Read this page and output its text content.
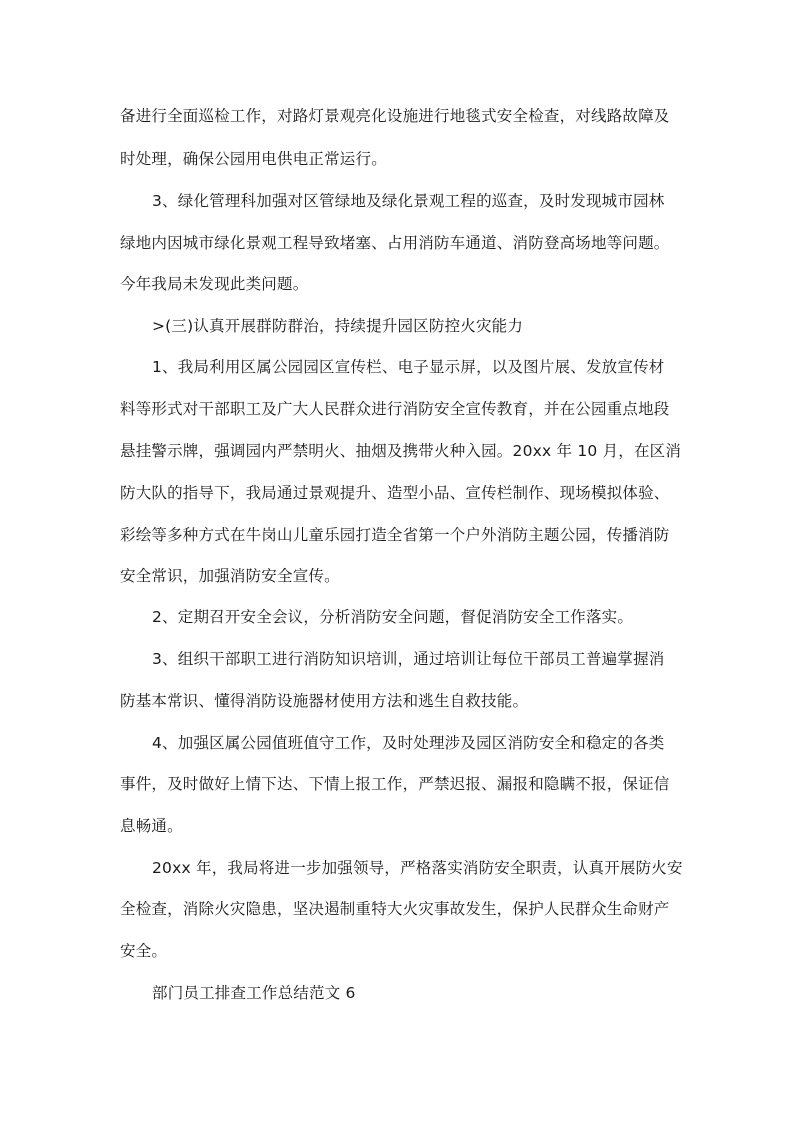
备进行全面巡检工作，对路灯景观亮化设施进行地毯式安全检查，对线路故障及
时处理，确保公园用电供电正常运行。
3、绿化管理科加强对区管绿地及绿化景观工程的巡查，及时发现城市园林
绿地内因城市绿化景观工程导致堵塞、占用消防车通道、消防登高场地等问题。
今年我局未发现此类问题。
>(三)认真开展群防群治，持续提升园区防控火灾能力
1、我局利用区属公园园区宣传栏、电子显示屏，以及图片展、发放宣传材
料等形式对干部职工及广大人民群众进行消防安全宣传教育，并在公园重点地段
悬挂警示牌，强调园内严禁明火、抽烟及携带火种入园。20xx 年 10 月，在区消
防大队的指导下，我局通过景观提升、造型小品、宣传栏制作、现场模拟体验、
彩绘等多种方式在牛岗山儿童乐园打造全省第一个户外消防主题公园，传播消防
安全常识，加强消防安全宣传。
2、定期召开安全会议，分析消防安全问题，督促消防安全工作落实。
3、组织干部职工进行消防知识培训，通过培训让每位干部员工普遍掌握消
防基本常识、懂得消防设施器材使用方法和逃生自救技能。
4、加强区属公园值班值守工作，及时处理涉及园区消防安全和稳定的各类
事件，及时做好上情下达、下情上报工作，严禁迟报、漏报和隐瞒不报，保证信
息畅通。
20xx 年，我局将进一步加强领导，严格落实消防安全职责，认真开展防火安
全检查，消除火灾隐患，坚决遏制重特大火灾事故发生，保护人民群众生命财产
安全。
部门员工排查工作总结范文 6
